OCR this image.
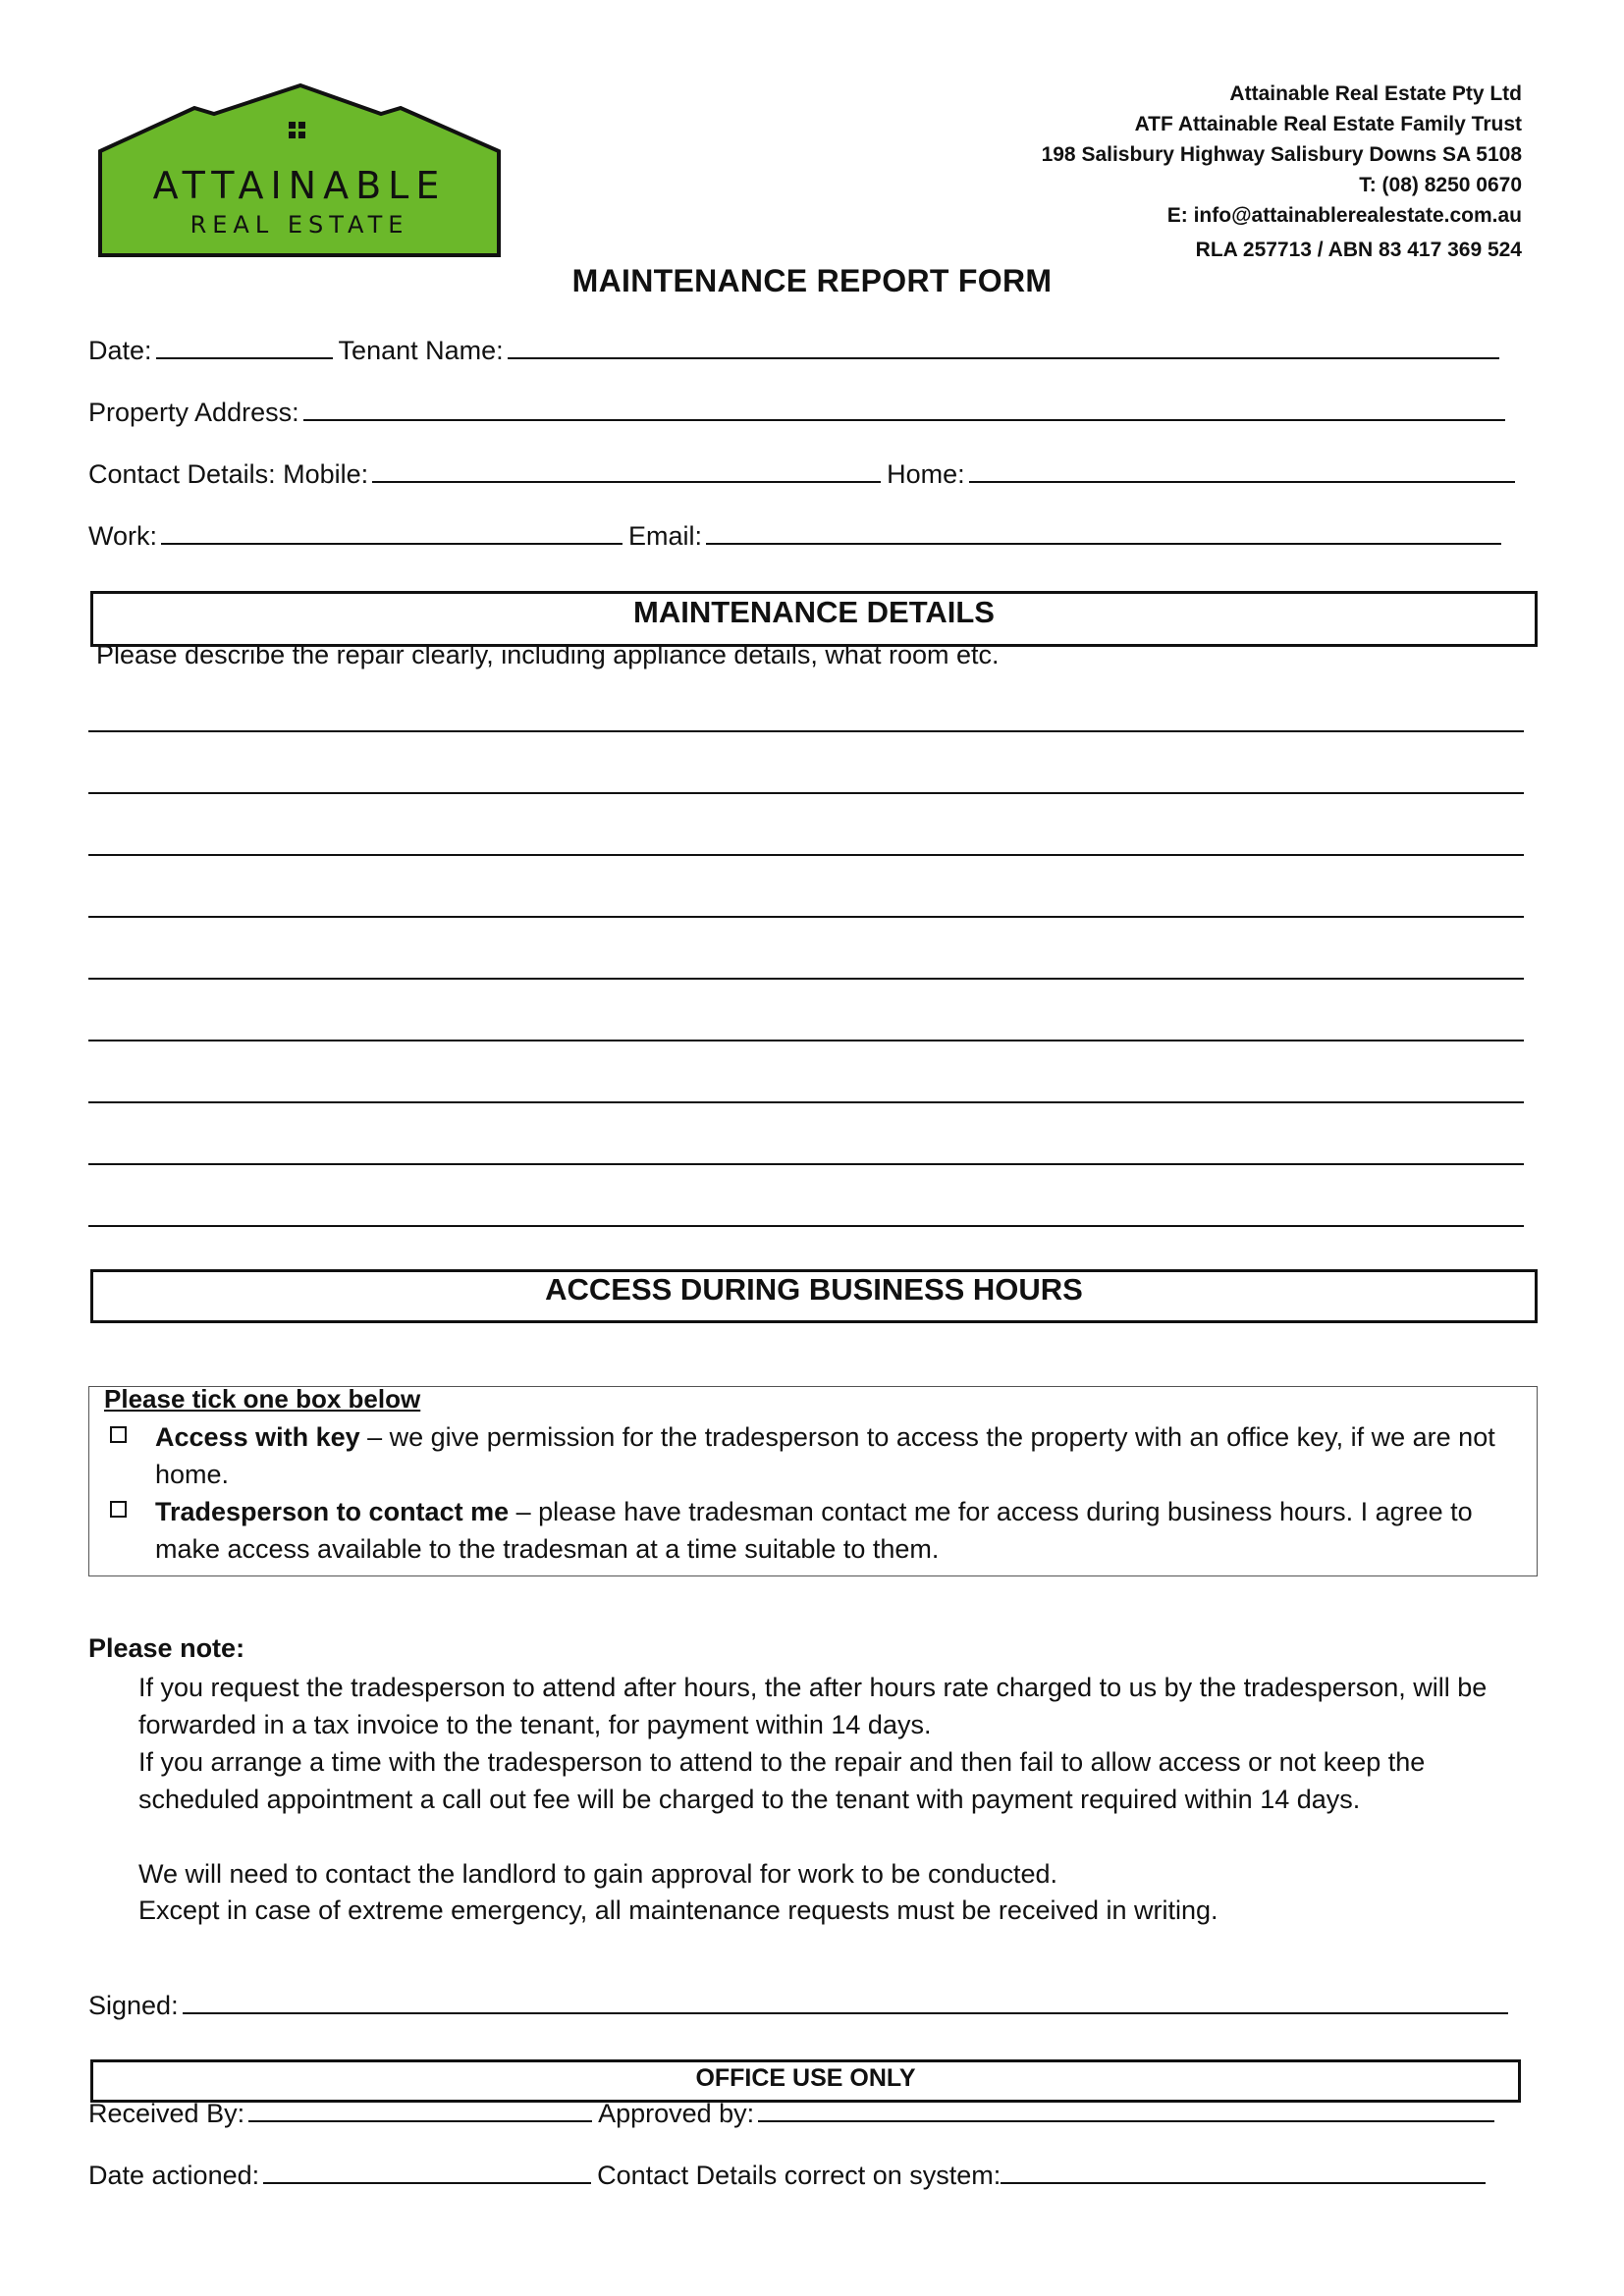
ATTAINABLE
REAL ESTATE
Attainable Real Estate Pty Ltd
ATF Attainable Real Estate Family Trust
198 Salisbury Highway Salisbury Downs SA 5108
T: (08) 8250 0670
E: info@attainablerealestate.com.au
RLA 257713 / ABN 83 417 369 524
MAINTENANCE REPORT FORM
Date:	Tenant Name:
Property Address:
Contact Details: Mobile:	Home:
Work:	Email:
MAINTENANCE DETAILS
Please describe the repair clearly, including appliance details, what room etc.
ACCESS DURING BUSINESS HOURS
Please tick one box below
Access with key – we give permission for the tradesperson to access the property with an office key, if we are not home.
Tradesperson to contact me – please have tradesman contact me for access during business hours. I agree to make access available to the tradesman at a time suitable to them.
Please note:
If you request the tradesperson to attend after hours, the after hours rate charged to us by the tradesperson, will be forwarded in a tax invoice to the tenant, for payment within 14 days.
If you arrange a time with the tradesperson to attend to the repair and then fail to allow access or not keep the scheduled appointment a call out fee will be charged to the tenant with payment required within 14 days.
We will need to contact the landlord to gain approval for work to be conducted.
Except in case of extreme emergency, all maintenance requests must be received in writing.
Signed:
OFFICE USE ONLY
Received By:	Approved by:
Date actioned:	Contact Details correct on system:
